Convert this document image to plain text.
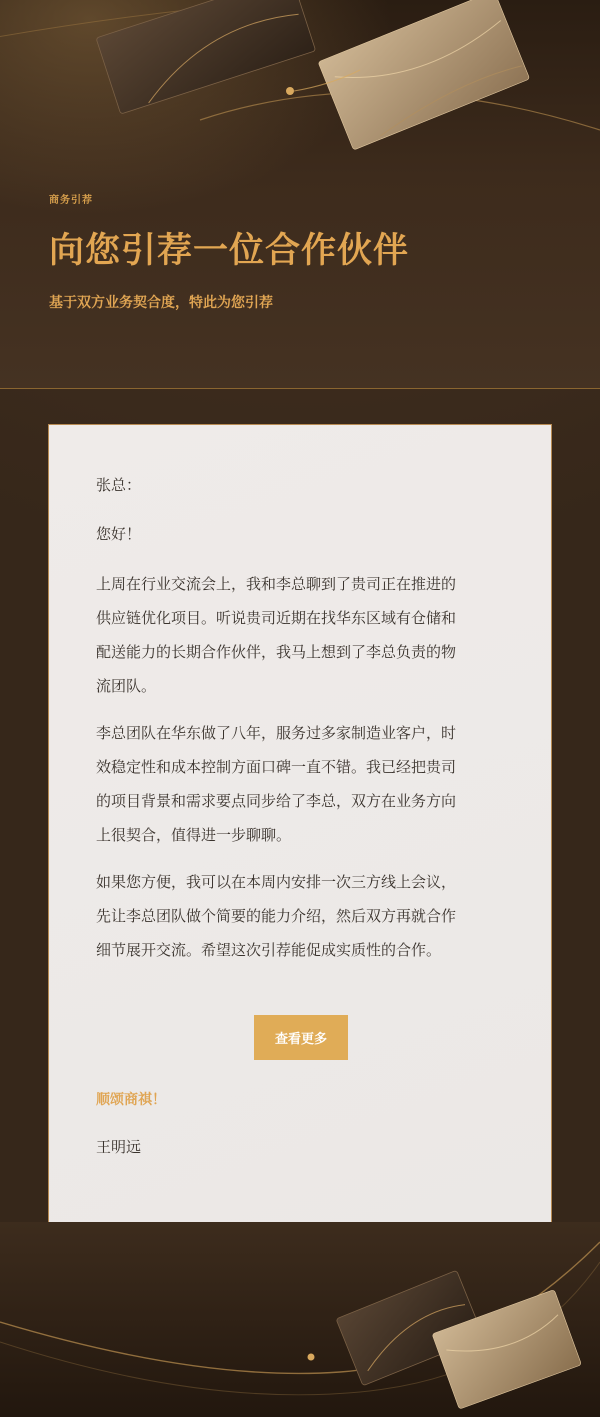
商务引荐
向您引荐一位合作伙伴
基于双方业务契合度，特此为您引荐
张总：
您好！

上周在行业交流会上，我和李总聊到了贵司正在推进的
供应链优化项目。听说贵司近期在找华东区域有仓储和
配送能力的长期合作伙伴，我马上想到了李总负责的物
流团队。

李总团队在华东做了八年，服务过多家制造业客户，时
效稳定性和成本控制方面口碑一直不错。我已经把贵司
的项目背景和需求要点同步给了李总，双方在业务方向
上很契合，值得进一步聊聊。

如果您方便，我可以在本周内安排一次三方线上会议，
先让李总团队做个简要的能力介绍，然后双方再就合作
细节展开交流。希望这次引荐能促成实质性的合作。

查看更多
顺颂商祺！
王明远
